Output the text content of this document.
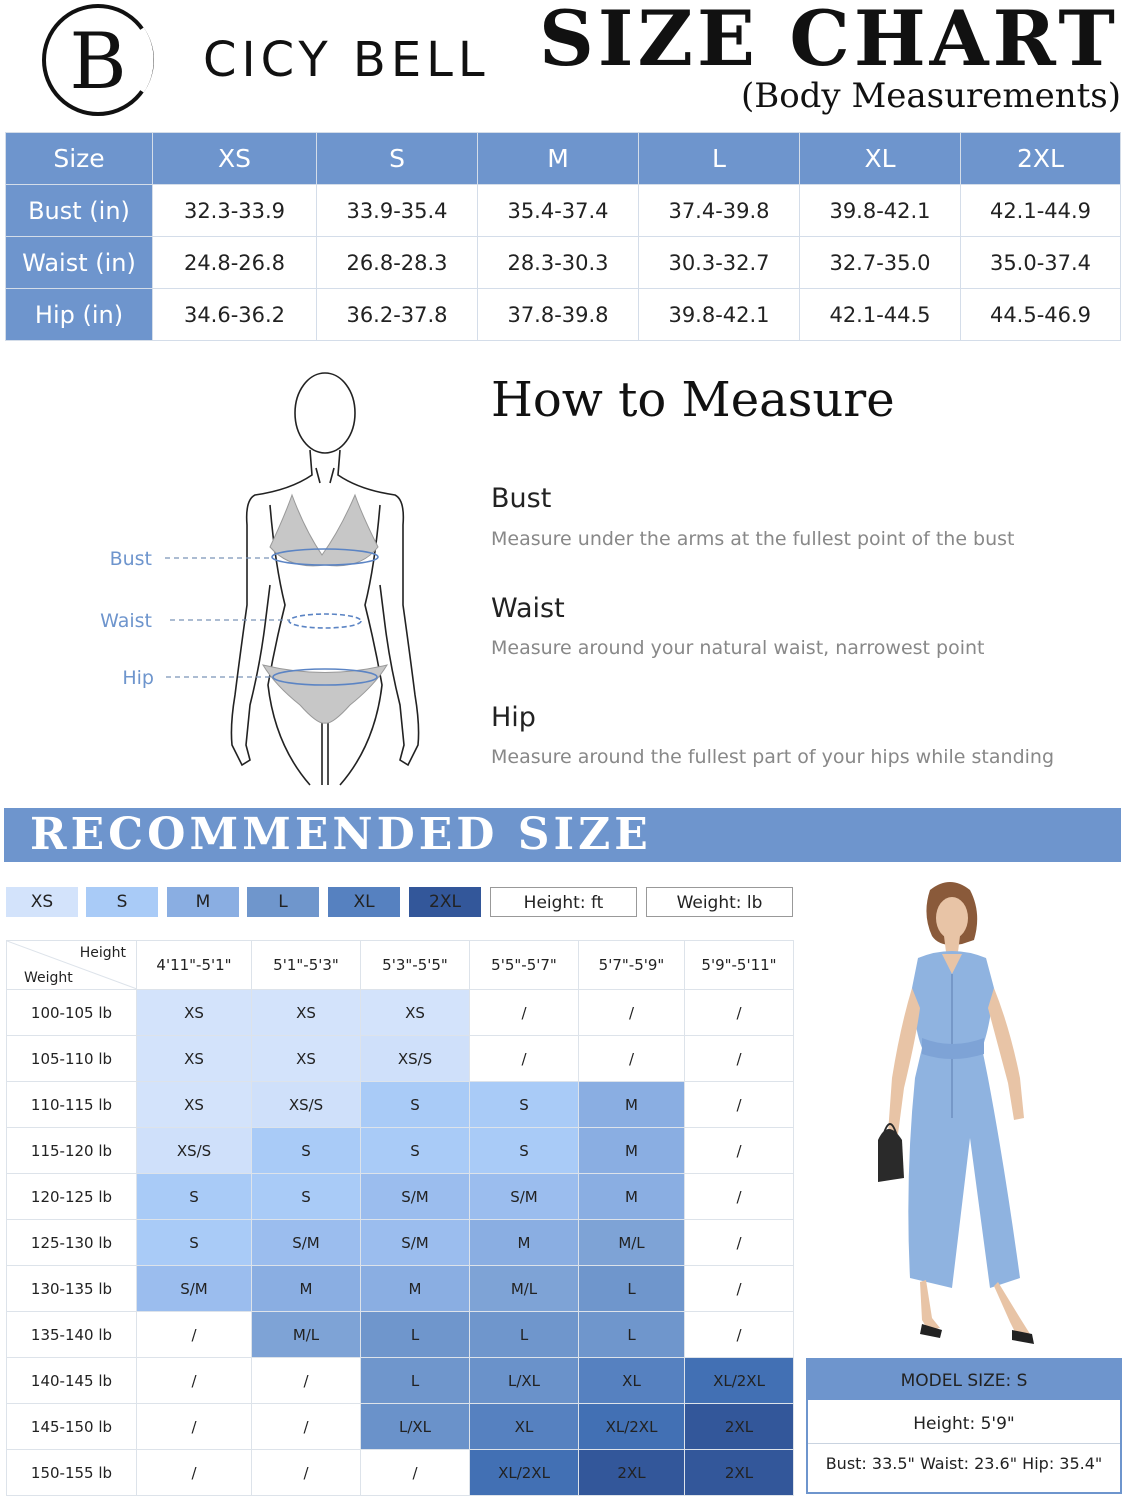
B CICY BELL SIZE CHART
(Body Measurements)
Size	XS	S	M	L	XL	2XL
Bust (in)	32.3-33.9	33.9-35.4	35.4-37.4	37.4-39.8	39.8-42.1	42.1-44.9
Waist (in)	24.8-26.8	26.8-28.3	28.3-30.3	30.3-32.7	32.7-35.0	35.0-37.4
Hip (in)	34.6-36.2	36.2-37.8	37.8-39.8	39.8-42.1	42.1-44.5	44.5-46.9
Bust
Waist
Hip
How to Measure
Bust
Measure under the arms at the fullest point of the bust
Waist
Measure around your natural waist, narrowest point
Hip
Measure around the fullest part of your hips while standing
RECOMMENDED SIZE
XS	S	M	L	XL	2XL	Height: ft	Weight: lb
Height
Weight	4'11"-5'1"	5'1"-5'3"	5'3"-5'5"	5'5"-5'7"	5'7"-5'9"	5'9"-5'11"
100-105 lb	XS	XS	XS	/	/	/
105-110 lb	XS	XS	XS/S	/	/	/
110-115 lb	XS	XS/S	S	S	M	/
115-120 lb	XS/S	S	S	S	M	/
120-125 lb	S	S	S/M	S/M	M	/
125-130 lb	S	S/M	S/M	M	M/L	/
130-135 lb	S/M	M	M	M/L	L	/
135-140 lb	/	M/L	L	L	L	/
140-145 lb	/	/	L	L/XL	XL	XL/2XL
145-150 lb	/	/	L/XL	XL	XL/2XL	2XL
150-155 lb	/	/	/	XL/2XL	2XL	2XL
MODEL SIZE: S
Height: 5'9"
Bust: 33.5" Waist: 23.6" Hip: 35.4"
